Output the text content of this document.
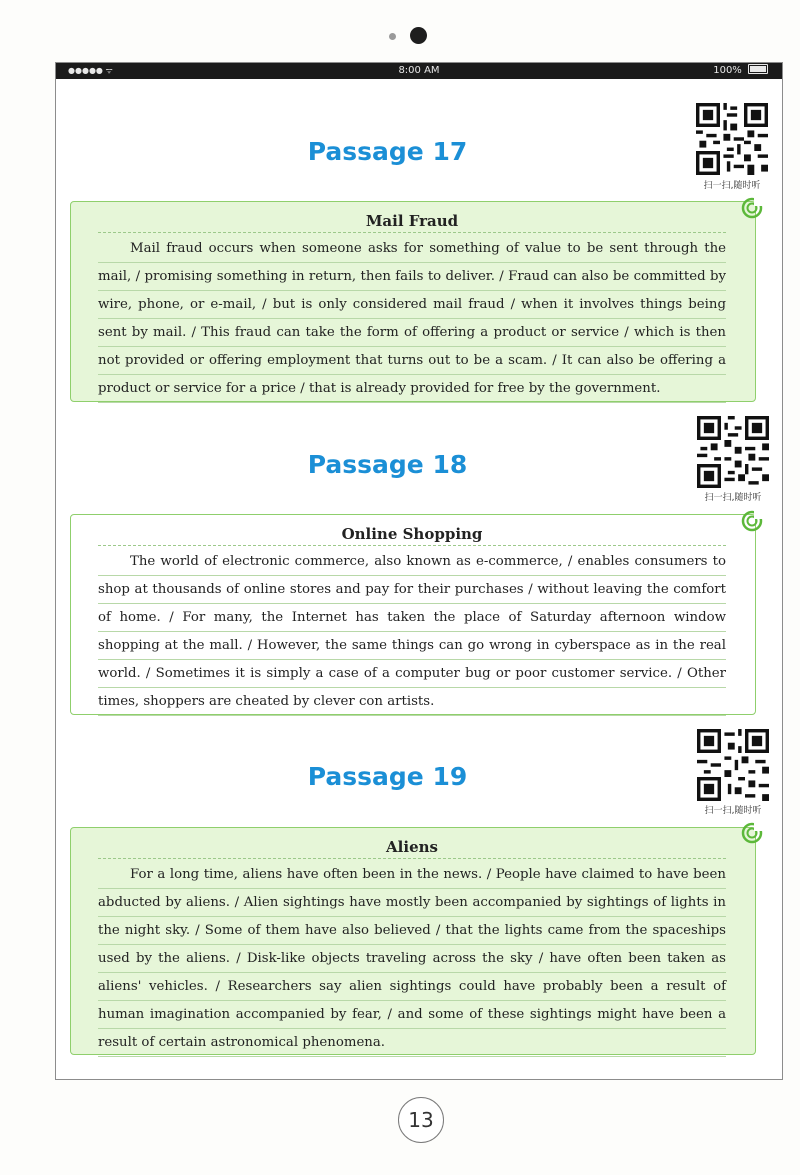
●●●●● ᯤ	8:00 AM	100%
Passage 17
扫一扫,随时听
Mail Fraud

Mail fraud occurs when someone asks for something of value to be sent through the mail, / promising something in return, then fails to deliver. / Fraud can also be committed by wire, phone, or e-mail, / but is only considered mail fraud / when it involves things being sent by mail. / This fraud can take the form of offering a product or service / which is then not provided or offering employment that turns out to be a scam. / It can also be offering a product or service for a price / that is already provided for free by the government.

Passage 18
扫一扫,随时听
Online Shopping

The world of electronic commerce, also known as e-commerce, / enables consumers to shop at thousands of online stores and pay for their purchases / without leaving the comfort of home. / For many, the Internet has taken the place of Saturday afternoon window shopping at the mall. / However, the same things can go wrong in cyberspace as in the real world. / Sometimes it is simply a case of a computer bug or poor customer service. / Other times, shoppers are cheated by clever con artists.

Passage 19
扫一扫,随时听
Aliens

For a long time, aliens have often been in the news. / People have claimed to have been abducted by aliens. / Alien sightings have mostly been accompanied by sightings of lights in the night sky. / Some of them have also believed / that the lights came from the spaceships used by the aliens. / Disk-like objects traveling across the sky / have often been taken as aliens' vehicles. / Researchers say alien sightings could have probably been a result of human imagination accompanied by fear, / and some of these sightings might have been a result of certain astronomical phenomena.

13
